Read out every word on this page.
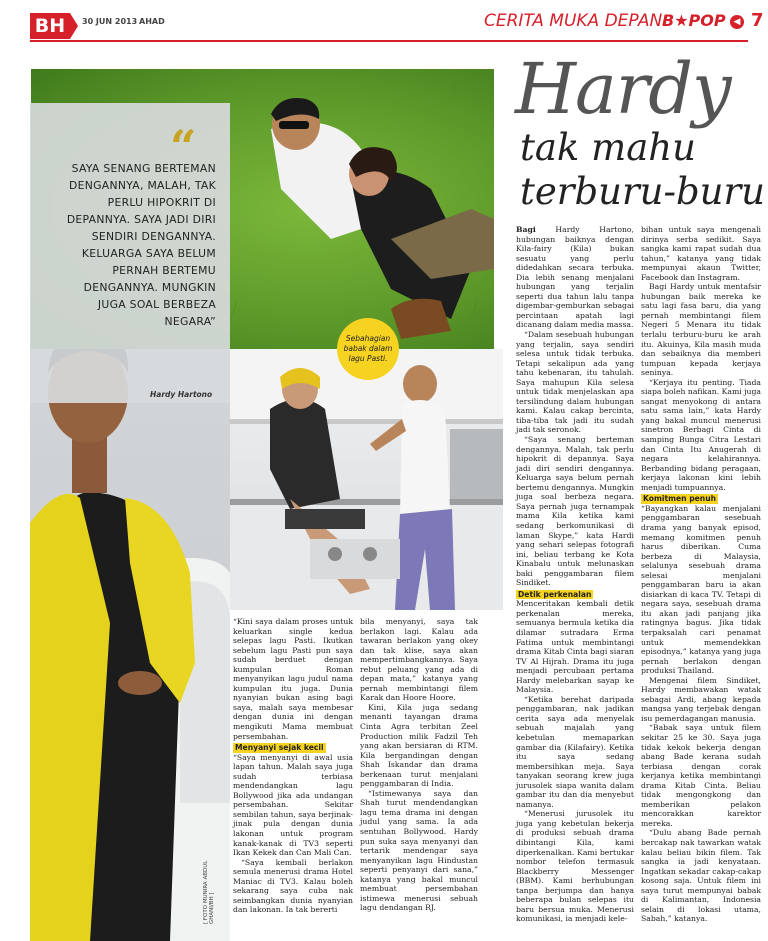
BH	30 JUN 2013 AHAD	CERITA MUKA DEPAN B★POP ◀ 7
“
SAYA SENANG BERTEMAN DENGANNYA, MALAH, TAK PERLU HIPOKRIT DI DEPANNYA. SAYA JADI DIRI SENDIRI DENGANNYA. KELUARGA SAYA BELUM PERNAH BERTEMU DENGANNYA. MUNGKIN JUGA SOAL BERBEZA NEGARA”
Hardy Hartono
Sebahagian babak dalam lagu Pasti.
[ FOTO MUNIRA ABDUL GHANI/BH ]
Hardy
tak mahu
terburu-buru

“Kini saya dalam proses untuk keluarkan single kedua selepas lagu Pasti. Ikutkan sebelum lagu Pasti pun saya sudah berduet dengan kumpulan Roman menyanyikan lagu judul nama kumpulan itu juga. Dunia nyanyian bukan asing bagi saya, malah saya membesar dengan dunia ini dengan mengikuti Mama membuat persembahan.

Menyanyi sejak kecil

“Saya menyanyi di awal usia lapan tahun. Malah saya juga sudah terbiasa mendendangkan lagu Bollywood jika ada undangan persembahan. Sekitar sembilan tahun, saya berjinak-jinak pula dengan dunia lakonan untuk program kanak-kanak di TV3 seperti Ikan Kekek dan Can Mali Can.

“Saya kembali berlakon semula menerusi drama Hotel Maniac di TV3. Kalau boleh sekarang saya cuba nak seimbangkan dunia nyanyian dan lakonan. Ia tak bererti

bila menyanyi, saya tak berlakon lagi. Kalau ada tawaran berlakon yang okey dan tak klise, saya akan mempertimbangkannya. Saya rebut peluang yang ada di depan mata,” katanya yang pernah membintangi filem Karak dan Hoore Hoore.

Kini, Kila juga sedang menanti tayangan drama Cinta Agra terbitan Zeel Production milik Fadzil Teh yang akan bersiaran di RTM. Kila bergandingan dengan Shah Iskandar dan drama berkenaan turut menjalani penggambaran di India.

“Istimewanya saya dan Shah turut mendendangkan lagu tema drama ini dengan judul yang sama. Ia ada sentuhan Bollywood. Hardy pun suka saya menyanyi dan tertarik mendengar saya menyanyikan lagu Hindustan seperti penyanyi dari sana,” katanya yang bakal muncul membuat persembahan istimewa menerusi sebuah lagu dendangan RJ.

Bagi Hardy Hartono, hubungan baiknya dengan Kila-fairy (Kila) bukan sesuatu yang perlu didedahkan secara terbuka. Dia lebih senang menjalani hubungan yang terjalin seperti dua tahun lalu tanpa digembar-gemburkan sebagai percintaan apatah lagi dicanang dalam media massa.

“Dalam sesebuah hubungan yang terjalin, saya sendiri selesa untuk tidak terbuka. Tetapi sekalipun ada yang tahu kebenaran, itu tahulah. Saya mahupun Kila selesa untuk tidak menjelaskan apa tersilindung dalam hubungan kami. Kalau cakap bercinta, tiba-tiba tak jadi itu sudah jadi tak seronok.

“Saya senang berteman dengannya. Malah, tak perlu hipokrit di depannya. Saya jadi diri sendiri dengannya. Keluarga saya belum pernah bertemu dengannya. Mungkin juga soal berbeza negara. Saya pernah juga ternampak mama Kila ketika kami sedang berkomunikasi di laman Skype,” kata Hardi yang sehari selepas fotografi ini, beliau terbang ke Kota Kinabalu untuk melunaskan baki penggambaran filem Sindiket.

Detik perkenalan

Menceritakan kembali detik perkenalan mereka, semuanya bermula ketika dia dilamar sutradara Erma Fatima untuk membintangi drama Kitab Cinta bagi siaran TV Al Hijrah. Drama itu juga menjadi percubaan pertama Hardy melebarkan sayap ke Malaysia.

“Ketika berehat daripada penggambaran, nak jadikan cerita saya ada menyelak sebuah majalah yang kebetulan memaparkan gambar dia (Kilafairy). Ketika itu saya sedang membersihkan meja. Saya tanyakan seorang krew juga jurusolek siapa wanita dalam gambar itu dan dia menyebut namanya.

“Menerusi jurusolek itu juga yang kebetulan bekerja di produksi sebuah drama dibintangi Kila, kami diperkenalkan. Kami bertukar nombor telefon termasuk Blackberry Messenger (BBM). Kami berhubungan tanpa berjumpa dan hanya beberapa bulan selepas itu baru bersua muka. Menerusi komunikasi, ia menjadi kele-

bihan untuk saya mengenali dirinya serba sedikit. Saya sangka kami rapat sudah dua tahun,” katanya yang tidak mempunyai akaun Twitter, Facebook dan Instagram.

Bagi Hardy untuk mentafsir hubungan baik mereka ke satu lagi fasa baru, dia yang pernah membintangi filem Negeri 5 Menara itu tidak terlalu terburu-buru ke arah itu. Akuinya, Kila masih muda dan sebaiknya dia memberi tumpuan kepada kerjaya seninya.

“Kerjaya itu penting. Tiada siapa boleh nafikan. Kami juga sangat menyokong di antara satu sama lain,” kata Hardy yang bakal muncul menerusi sinetron Berbagi Cinta di samping Bunga Citra Lestari dan Cinta Itu Anugerah di negara kelahirannya. Berbanding bidang peragaan, kerjaya lakonan kini lebih menjadi tumpuannya.

Komitmen penuh

“Bayangkan kalau menjalani penggambaran sesebuah drama yang banyak episod, memang komitmen penuh harus diberikan. Cuma berbeza di Malaysia, selalunya sesebuah drama selesai menjalani penggambaran baru ia akan disiarkan di kaca TV. Tetapi di negara saya, sesebuah drama itu akan jadi panjang jika ratingnya bagus. Jika tidak terpaksalah cari penamat untuk memendekkan episodnya,” katanya yang juga pernah berlakon dengan produksi Thailand.

Mengenai filem Sindiket, Hardy membawakan watak sebagai Ardi, abang kepada mangsa yang terjebak dengan isu pemerdagangan manusia.

“Babak saya untuk filem sekitar 25 ke 30. Saya juga tidak kekok bekerja dengan abang Bade kerana sudah terbiasa dengan corak kerjanya ketika membintangi drama Kitab Cinta. Beliau tidak mengongkong dan memberikan pelakon mencorakkan karektor mereka.

“Dulu abang Bade pernah bercakap nak tawarkan watak kalau beliau bikin filem. Tak sangka ia jadi kenyataan. Ingatkan sekadar cakap-cakap kosong saja. Untuk filem ini saya turut mempunyai babak di Kalimantan, Indonesia selain di lokasi utama, Sabah,” katanya.
